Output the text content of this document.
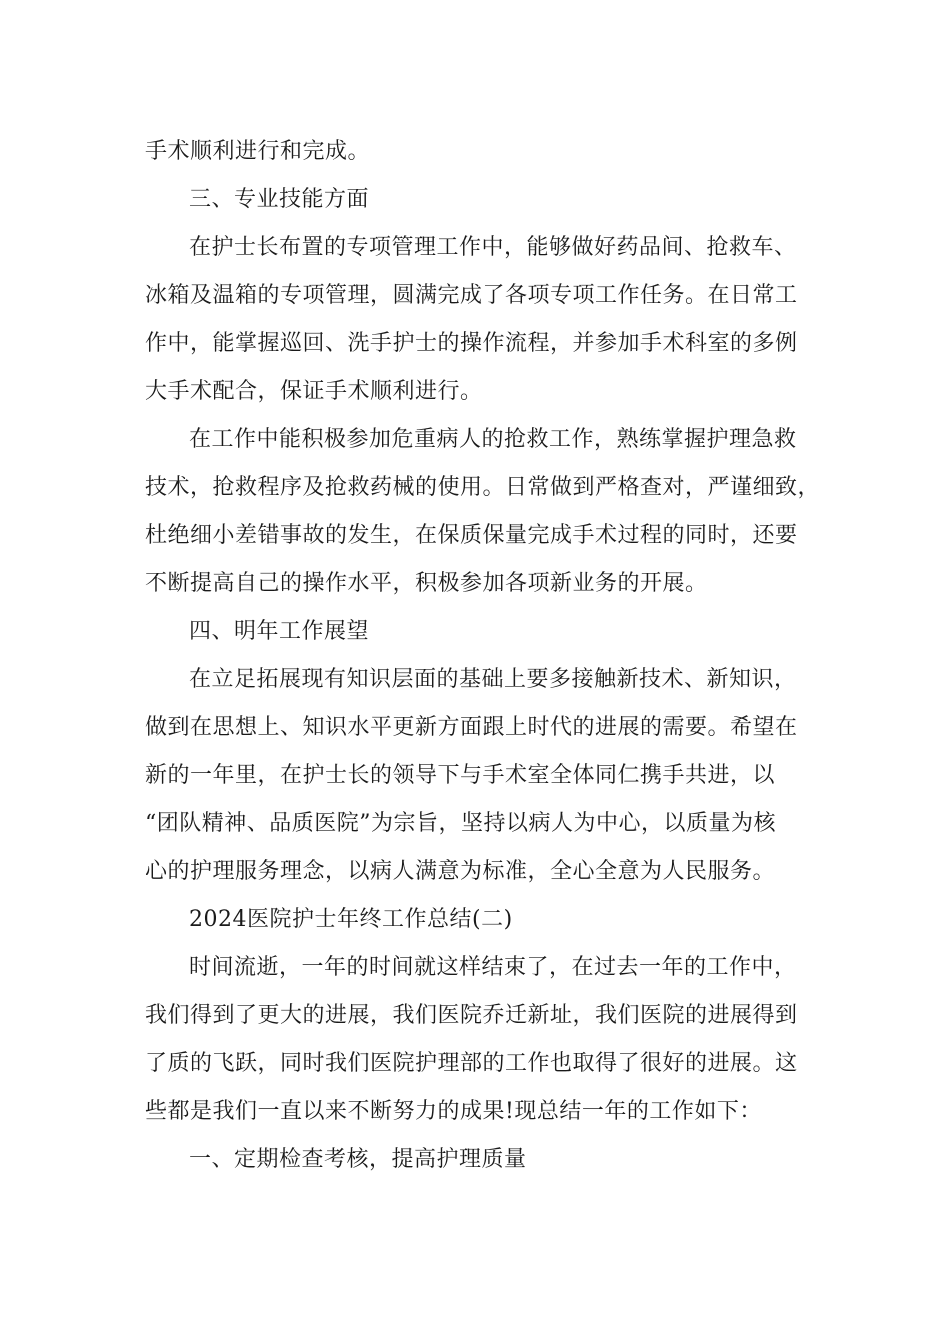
手术顺利进行和完成。
三、专业技能方面
在护士长布置的专项管理工作中，能够做好药品间、抢救车、
冰箱及温箱的专项管理，圆满完成了各项专项工作任务。在日常工
作中，能掌握巡回、洗手护士的操作流程，并参加手术科室的多例
大手术配合，保证手术顺利进行。
在工作中能积极参加危重病人的抢救工作，熟练掌握护理急救
技术，抢救程序及抢救药械的使用。日常做到严格查对，严谨细致，
杜绝细小差错事故的发生，在保质保量完成手术过程的同时，还要
不断提高自己的操作水平，积极参加各项新业务的开展。
四、明年工作展望
在立足拓展现有知识层面的基础上要多接触新技术、新知识，
做到在思想上、知识水平更新方面跟上时代的进展的需要。希望在
新的一年里，在护士长的领导下与手术室全体同仁携手共进，以
“团队精神、品质医院”为宗旨，坚持以病人为中心，以质量为核
心的护理服务理念，以病人满意为标准，全心全意为人民服务。
2024医院护士年终工作总结(二)
时间流逝，一年的时间就这样结束了，在过去一年的工作中，
我们得到了更大的进展，我们医院乔迁新址，我们医院的进展得到
了质的飞跃，同时我们医院护理部的工作也取得了很好的进展。这
些都是我们一直以来不断努力的成果!现总结一年的工作如下：
一、定期检查考核，提高护理质量
